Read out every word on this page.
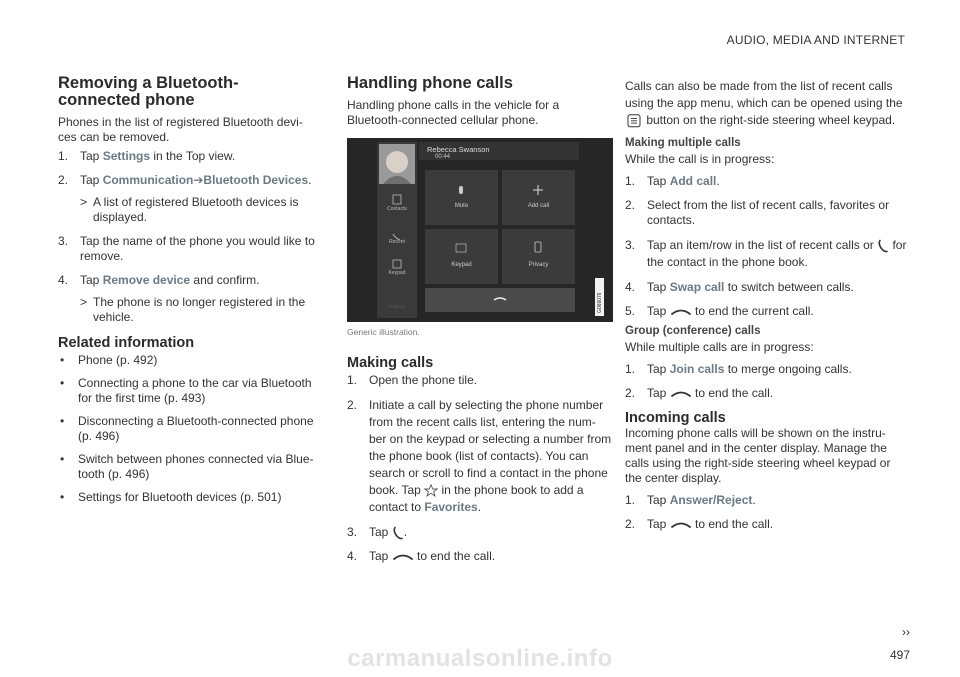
AUDIO, MEDIA AND INTERNET
Removing a Bluetooth-connected phone

Phones in the list of registered Bluetooth devi-ces can be removed.

1. Tap Settings in the Top view.
2. Tap Communication➔Bluetooth Devices.
> A list of registered Bluetooth devices is displayed.
3. Tap the name of the phone you would like to remove.
4. Tap Remove device and confirm.
> The phone is no longer registered in the vehicle.
Related information
• Phone (p. 492)
• Connecting a phone to the car via Bluetooth for the first time (p. 493)
• Disconnecting a Bluetooth-connected phone (p. 496)
• Switch between phones connected via Blue-tooth (p. 496)
• Settings for Bluetooth devices (p. 501)
Handling phone calls

Handling phone calls in the vehicle for a Bluetooth-connected cellular phone.

Rebecca Swanson
00:44
Contacts
Recent
Keypad
Settings
Mute	Add call
Keypad	Privacy
G066076
Generic illustration.
Making calls
1. Open the phone tile.
2. Initiate a call by selecting the phone number from the recent calls list, entering the num-ber on the keypad or selecting a number from the phone book (list of contacts). You can search or scroll to find a contact in the phone book. Tap  in the phone book to add a contact to Favorites.
3. Tap .
4. Tap  to end the call.

Calls can also be made from the list of recent calls using the app menu, which can be opened using the  button on the right-side steering wheel keypad.

Making multiple calls

While the call is in progress:

1. Tap Add call.
2. Select from the list of recent calls, favorites or contacts.
3. Tap an item/row in the list of recent calls or  for the contact in the phone book.
4. Tap Swap call to switch between calls.
5. Tap  to end the current call.
Group (conference) calls

While multiple calls are in progress:

1. Tap Join calls to merge ongoing calls.
2. Tap  to end the call.
Incoming calls

Incoming phone calls will be shown on the instru-ment panel and in the center display. Manage the calls using the right-side steering wheel keypad or the center display.

1. Tap Answer/Reject.
2. Tap  to end the call.
››
497
carmanualsonline.info
